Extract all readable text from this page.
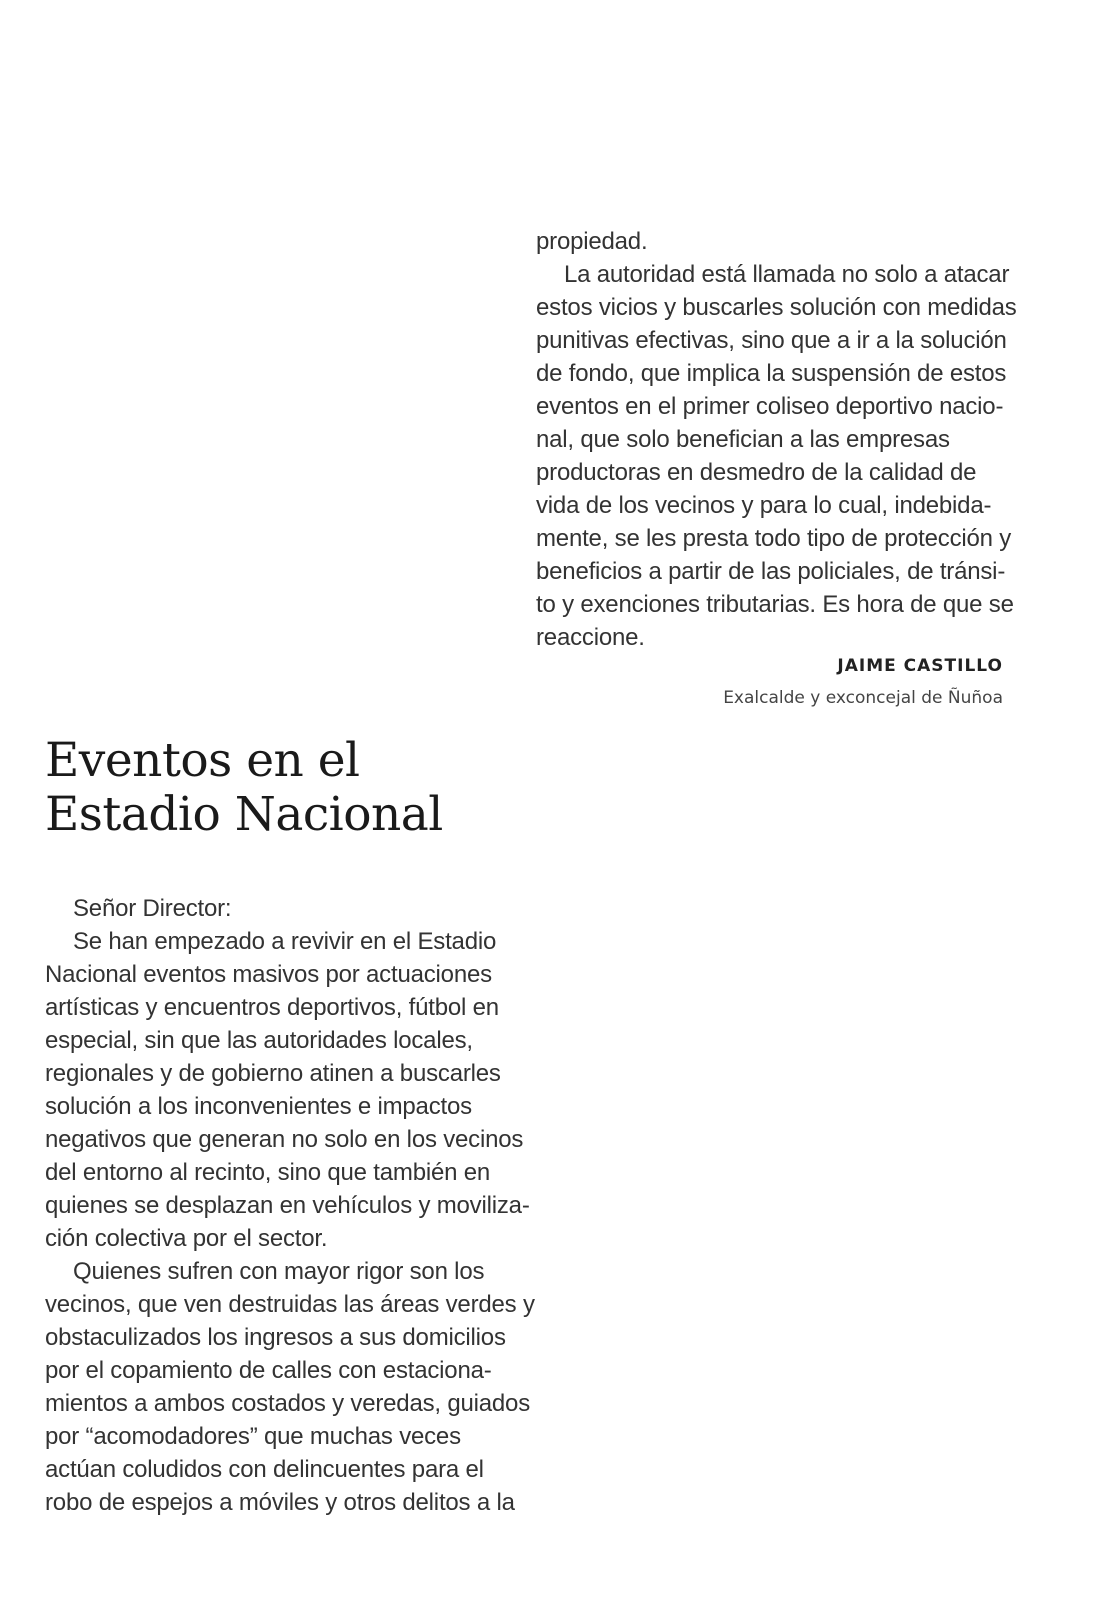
propiedad.
La autoridad está llamada no solo a atacar
estos vicios y buscarles solución con medidas
punitivas efectivas, sino que a ir a la solución
de fondo, que implica la suspensión de estos
eventos en el primer coliseo deportivo nacio-
nal, que solo benefician a las empresas
productoras en desmedro de la calidad de
vida de los vecinos y para lo cual, indebida-
mente, se les presta todo tipo de protección y
beneficios a partir de las policiales, de tránsi-
to y exenciones tributarias. Es hora de que se
reaccione.
JAIME CASTILLO
Exalcalde y exconcejal de Ñuñoa
Eventos en el
Estadio Nacional
Señor Director:
Se han empezado a revivir en el Estadio
Nacional eventos masivos por actuaciones
artísticas y encuentros deportivos, fútbol en
especial, sin que las autoridades locales,
regionales y de gobierno atinen a buscarles
solución a los inconvenientes e impactos
negativos que generan no solo en los vecinos
del entorno al recinto, sino que también en
quienes se desplazan en vehículos y moviliza-
ción colectiva por el sector.
Quienes sufren con mayor rigor son los
vecinos, que ven destruidas las áreas verdes y
obstaculizados los ingresos a sus domicilios
por el copamiento de calles con estaciona-
mientos a ambos costados y veredas, guiados
por “acomodadores” que muchas veces
actúan coludidos con delincuentes para el
robo de espejos a móviles y otros delitos a la
